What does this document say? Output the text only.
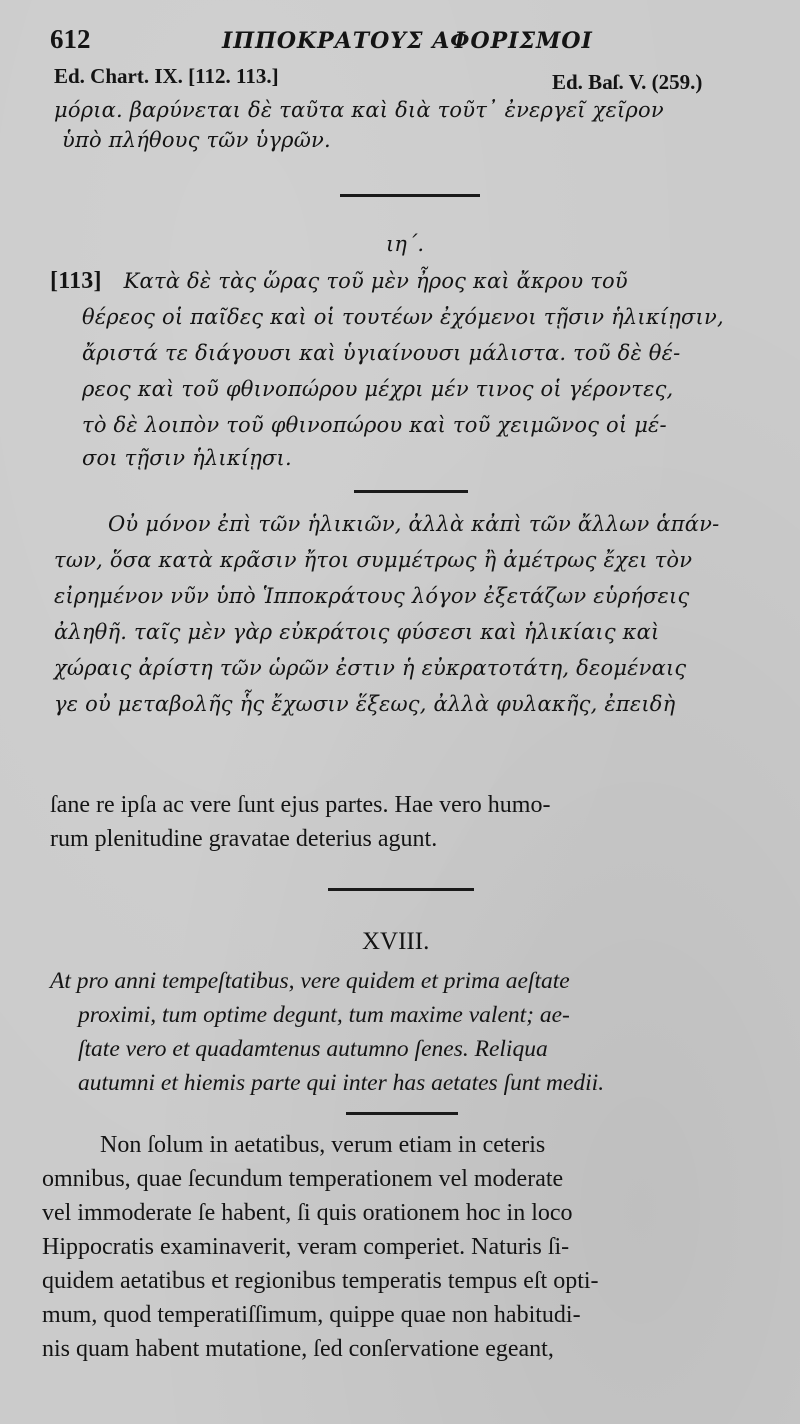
612	ΙΠΠΟΚΡΑΤΟΥΣ ΑΦΟΡΙΣΜΟΙ
Ed. Chart. IX. [112. 113.]	Ed. Baſ. V. (259.)
μόρια. βαρύνεται δὲ ταῦτα καὶ διὰ τοῦτ᾽ ἐνεργεῖ χεῖρον
ὑπὸ πλήθους τῶν ὑγρῶν.
ιη΄.
[113] Κατὰ δὲ τὰς ὥρας τοῦ μὲν ἦρος καὶ ἄκρου τοῦ
θέρεος οἱ παῖδες καὶ οἱ τουτέων ἐχόμενοι τῇσιν ἡλικίῃσιν,
ἄριστά τε διάγουσι καὶ ὑγιαίνουσι μάλιστα. τοῦ δὲ θέ-
ρεος καὶ τοῦ φθινοπώρου μέχρι μέν τινος οἱ γέροντες,
τὸ δὲ λοιπὸν τοῦ φθινοπώρου καὶ τοῦ χειμῶνος οἱ μέ-
σοι τῇσιν ἡλικίῃσι.
Οὐ μόνον ἐπὶ τῶν ἡλικιῶν, ἀλλὰ κἀπὶ τῶν ἄλλων ἁπάν-
των, ὅσα κατὰ κρᾶσιν ἤτοι συμμέτρως ἢ ἀμέτρως ἔχει τὸν
εἰρημένον νῦν ὑπὸ Ἱπποκράτους λόγον ἐξετάζων εὑρήσεις
ἀληθῆ. ταῖς μὲν γὰρ εὐκράτοις φύσεσι καὶ ἡλικίαις καὶ
χώραις ἀρίστη τῶν ὡρῶν ἐστιν ἡ εὐκρατοτάτη, δεομέναις
γε οὐ μεταβολῆς ἧς ἔχωσιν ἕξεως, ἀλλὰ φυλακῆς, ἐπειδὴ
ſane re ipſa ac vere ſunt ejus partes. Hae vero humo-
rum plenitudine gravatae deterius agunt.
XVIII.
At pro anni tempeſtatibus, vere quidem et prima aeſtate
proximi, tum optime degunt, tum maxime valent; ae-
ſtate vero et quadamtenus autumno ſenes. Reliqua
autumni et hiemis parte qui inter has aetates ſunt medii.
Non ſolum in aetatibus, verum etiam in ceteris
omnibus, quae ſecundum temperationem vel moderate
vel immoderate ſe habent, ſi quis orationem hoc in loco
Hippocratis examinaverit, veram comperiet. Naturis ſi-
quidem aetatibus et regionibus temperatis tempus eſt opti-
mum, quod temperatiſſimum, quippe quae non habitudi-
nis quam habent mutatione, ſed conſervatione egeant,
